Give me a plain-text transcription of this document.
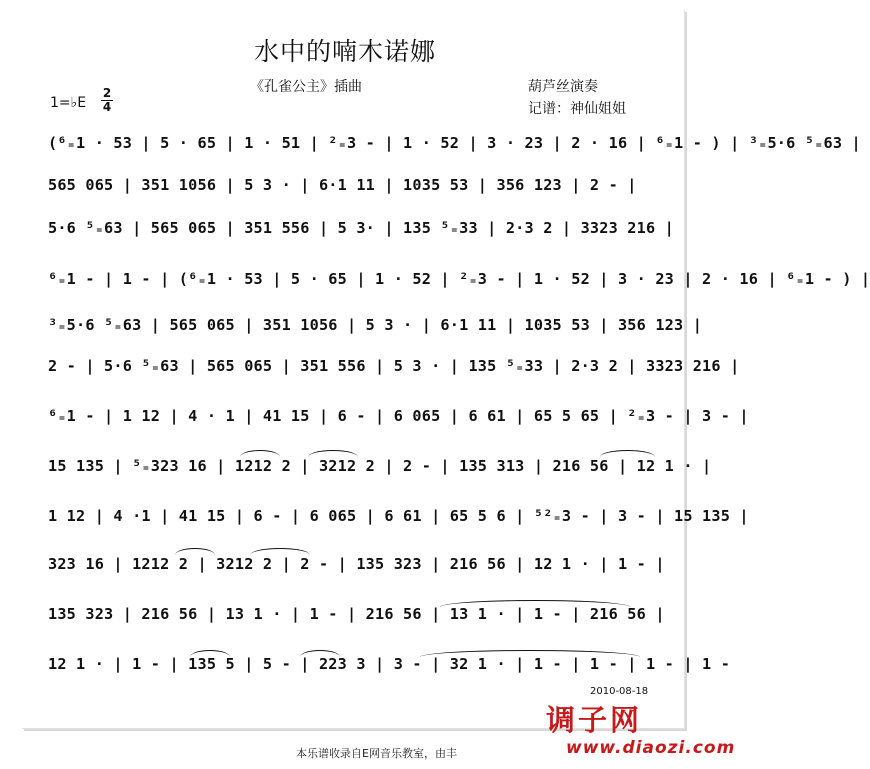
水中的喃木诺娜
《孔雀公主》插曲	葫芦丝演奏
记谱：神仙姐姐
1=♭E
2
4
(⁶₌1 · 53 | 5 · 65 | 1 · 51 | ²₌3 - | 1 · 52 | 3 · 23 | 2 · 16 | ⁶₌1 - ) | ³₌5·6 ⁵₌63 |
565 065 | 351 1056 | 5 3 · | 6·1 11 | 1035 53 | 356 123 | 2 - |
5·6 ⁵₌63 | 565 065 | 351 556 | 5 3· | 135 ⁵₌33 | 2·3 2 | 3323 216 |
⁶₌1 - | 1 - | (⁶₌1 · 53 | 5 · 65 | 1 · 52 | ²₌3 - | 1 · 52 | 3 · 23 | 2 · 16 | ⁶₌1 - ) |
³₌5·6 ⁵₌63 | 565 065 | 351 1056 | 5 3 · | 6·1 11 | 1035 53 | 356 123 |
2 - | 5·6 ⁵₌63 | 565 065 | 351 556 | 5 3 · | 135 ⁵₌33 | 2·3 2 | 3323 216 |
⁶₌1 - | 1 12 | 4 · 1 | 41 15 | 6 - | 6 065 | 6 61 | 65 5 65 | ²₌3 - | 3 - |
15 135 | ⁵₌323 16 | 1212 2 | 3212 2 | 2 - | 135 313 | 216 56 | 12 1 · |
1 12 | 4 ·1 | 41 15 | 6 - | 6 065 | 6 61 | 65 5 6 | ⁵²₌3 - | 3 - | 15 135 |
323 16 | 1212 2 | 3212 2 | 2 - | 135 323 | 216 56 | 12 1 · | 1 - |
135 323 | 216 56 | 13 1 · | 1 - | 216 56 | 13 1 · | 1 - | 216 56 |
12 1 · | 1 - | 135 5 | 5 - | 223 3 | 3 - | 32 1 · | 1 - | 1 - | 1 - | 1 -
2010-08-18
调子网
www.diaozi.com
本乐谱收录自E网音乐教室，由丰
